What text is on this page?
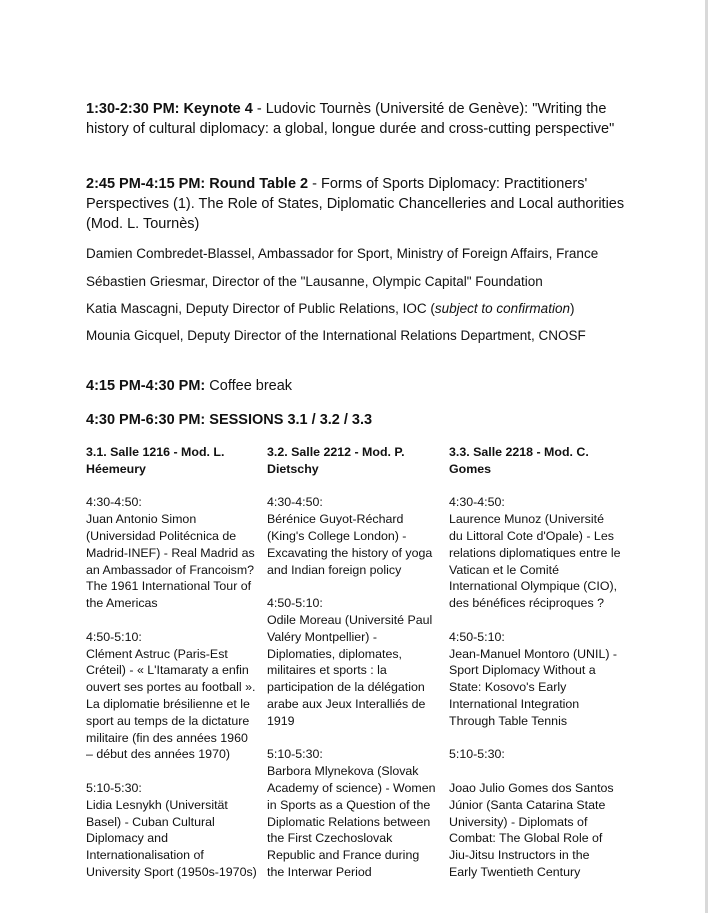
1:30-2:30 PM: Keynote 4 - Ludovic Tournès (Université de Genève): "Writing the history of cultural diplomacy: a global, longue durée and cross-cutting perspective"
2:45 PM-4:15 PM: Round Table 2 - Forms of Sports Diplomacy: Practitioners' Perspectives (1). The Role of States, Diplomatic Chancelleries and Local authorities (Mod. L. Tournès)
Damien Combredet-Blassel, Ambassador for Sport, Ministry of Foreign Affairs, France
Sébastien Griesmar, Director of the "Lausanne, Olympic Capital" Foundation
Katia Mascagni, Deputy Director of Public Relations, IOC (subject to confirmation)
Mounia Gicquel, Deputy Director of the International Relations Department, CNOSF
4:15 PM-4:30 PM: Coffee break
4:30 PM-6:30 PM: SESSIONS 3.1 / 3.2 / 3.3

3.1. Salle 1216 - Mod. L. Héemeury

4:30-4:50:

Juan Antonio Simon (Universidad Politécnica de Madrid-INEF) - Real Madrid as an Ambassador of Francoism? The 1961 International Tour of the Americas

4:50-5:10:

Clément Astruc (Paris-Est Créteil) - « L'Itamaraty a enfin ouvert ses portes au football ». La diplomatie brésilienne et le sport au temps de la dictature militaire (fin des années 1960 – début des années 1970)

5:10-5:30:

Lidia Lesnykh (Universität Basel) - Cuban Cultural Diplomacy and Internationalisation of University Sport (1950s-1970s)

3.2. Salle 2212 - Mod. P. Dietschy

4:30-4:50:

Bérénice Guyot-Réchard (King's College London) - Excavating the history of yoga and Indian foreign policy

4:50-5:10:

Odile Moreau (Université Paul Valéry Montpellier) - Diplomaties, diplomates, militaires et sports : la participation de la délégation arabe aux Jeux Interalliés de 1919

5:10-5:30:

Barbora Mlynekova (Slovak Academy of science) - Women in Sports as a Question of the Diplomatic Relations between the First Czechoslovak Republic and France during the Interwar Period

3.3. Salle 2218 - Mod. C. Gomes

4:30-4:50:

Laurence Munoz (Université du Littoral Cote d'Opale) - Les relations diplomatiques entre le Vatican et le Comité International Olympique (CIO), des bénéfices réciproques ?

4:50-5:10:

Jean-Manuel Montoro (UNIL) - Sport Diplomacy Without a State: Kosovo's Early International Integration Through Table Tennis

5:10-5:30:

Joao Julio Gomes dos Santos Júnior (Santa Catarina State University) - Diplomats of Combat: The Global Role of Jiu-Jitsu Instructors in the Early Twentieth Century
